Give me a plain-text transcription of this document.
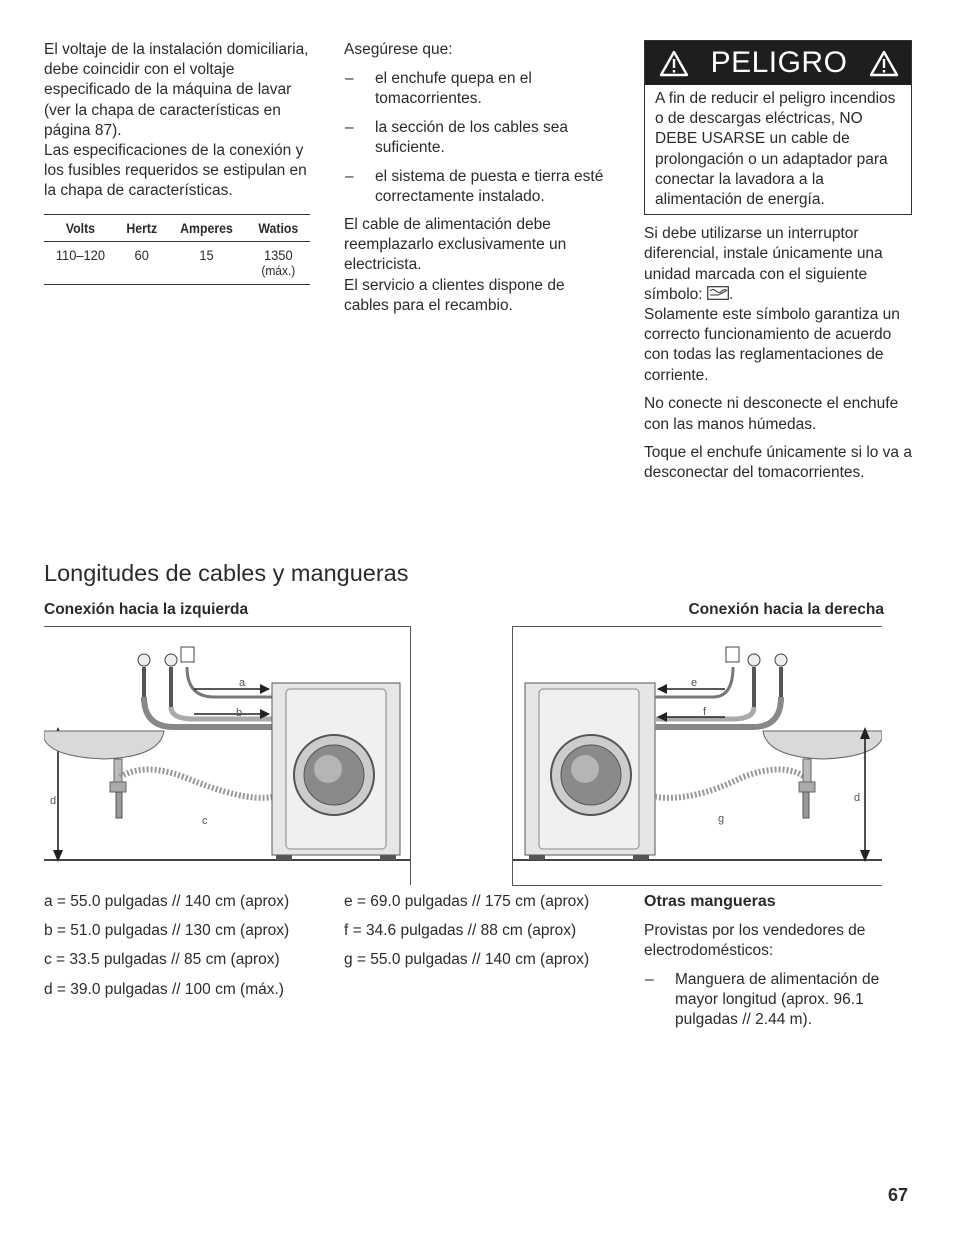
El voltaje de la instalación domiciliaria, debe coincidir con el voltaje especificado de la máquina de lavar (ver la chapa de características en página 87).

Las especificaciones de la conexión y los fusibles requeridos se estipulan en la chapa de características.

Volts	Hertz	Amperes	Watios
110–120	60	15	1350
(máx.)

Asegúrese que:

– el enchufe quepa en el tomacorrientes.
– la sección de los cables sea suficiente.
– el sistema de puesta e tierra esté correctamente instalado.

El cable de alimentación debe reemplazarlo exclusivamente un electricista.

El servicio a clientes dispone de cables para el recambio.

PELIGRO

A fin de reducir el peligro incendios o de descargas eléctricas, NO DEBE USARSE un cable de prolongación o un adaptador para conectar la lavadora a la alimentación de energía.

Si debe utilizarse un interruptor diferencial, instale únicamente una unidad marcada con el siguiente símbolo: .

Solamente este símbolo garantiza un correcto funcionamiento de acuerdo con todas las reglamentaciones de corriente.

No conecte ni desconecte el enchufe con las manos húmedas.

Toque el enchufe únicamente si lo va a desconectar del tomacorrientes.

Longitudes de cables y mangueras
Conexión hacia la izquierda	Conexión hacia la derecha
a
b
c
d
e
f
g
d
a = 55.0 pulgadas // 140 cm (aprox)
b = 51.0 pulgadas // 130 cm (aprox)
c = 33.5 pulgadas // 85 cm (aprox)
d = 39.0 pulgadas // 100 cm (máx.)
e = 69.0 pulgadas // 175 cm (aprox)
f = 34.6 pulgadas // 88 cm (aprox)
g = 55.0 pulgadas // 140 cm (aprox)
Otras mangueras

Provistas por los vendedores de electrodomésticos:

– Manguera de alimentación de mayor longitud (aprox. 96.1 pulgadas // 2.44 m).
67
